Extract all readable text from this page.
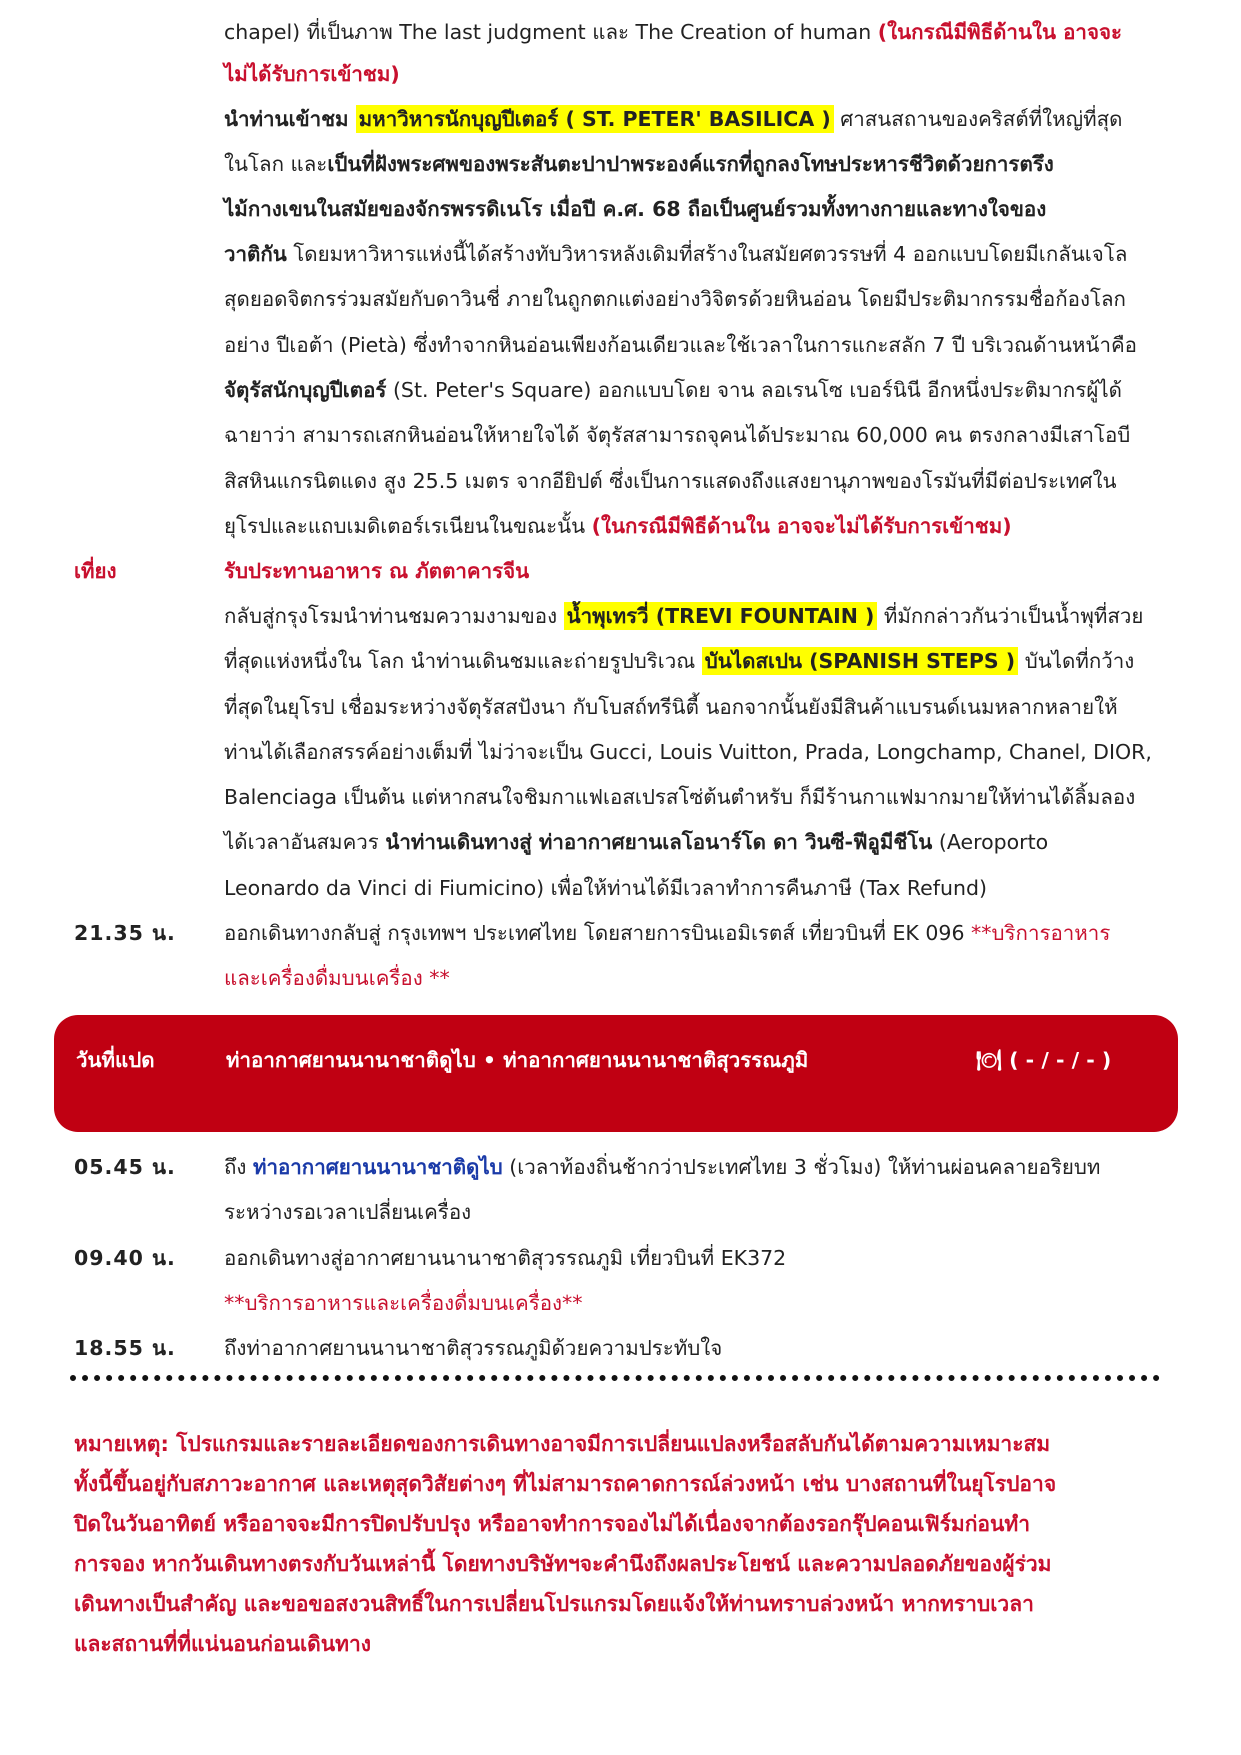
chapel) ที่เป็นภาพ The last judgment และ The Creation of human (ในกรณีมีพิธีด้านใน อาจจะ
ไม่ได้รับการเข้าชม)
นำท่านเข้าชม มหาวิหารนักบุญปีเตอร์ ( ST. PETER' BASILICA ) ศาสนสถานของคริสต์ที่ใหญ่ที่สุด
ในโลก และเป็นที่ฝังพระศพของพระสันตะปาปาพระองค์แรกที่ถูกลงโทษประหารชีวิตด้วยการตรึง
ไม้กางเขนในสมัยของจักรพรรดิเนโร เมื่อปี ค.ศ. 68 ถือเป็นศูนย์รวมทั้งทางกายและทางใจของ
วาติกัน โดยมหาวิหารแห่งนี้ได้สร้างทับวิหารหลังเดิมที่สร้างในสมัยศตวรรษที่ 4 ออกแบบโดยมีเกลันเจโล
สุดยอดจิตกรร่วมสมัยกับดาวินชี่ ภายในถูกตกแต่งอย่างวิจิตรด้วยหินอ่อน โดยมีประติมากรรมชื่อก้องโลก
อย่าง ปีเอต้า (Pietà) ซึ่งทำจากหินอ่อนเพียงก้อนเดียวและใช้เวลาในการแกะสลัก 7 ปี บริเวณด้านหน้าคือ
จัตุรัสนักบุญปีเตอร์ (St. Peter's Square) ออกแบบโดย จาน ลอเรนโซ เบอร์นินี อีกหนึ่งประติมากรผู้ได้
ฉายาว่า สามารถเสกหินอ่อนให้หายใจได้ จัตุรัสสามารถจุคนได้ประมาณ 60,000 คน ตรงกลางมีเสาโอบี
สิสหินแกรนิตแดง สูง 25.5 เมตร จากอียิปต์ ซึ่งเป็นการแสดงถึงแสงยานุภาพของโรมันที่มีต่อประเทศใน
ยุโรปและแถบเมดิเตอร์เรเนียนในขณะนั้น (ในกรณีมีพิธีด้านใน อาจจะไม่ได้รับการเข้าชม)
เที่ยง	รับประทานอาหาร ณ ภัตตาคารจีน
กลับสู่กรุงโรมนำท่านชมความงามของ น้ำพุเทรวี่ (TREVI FOUNTAIN ) ที่มักกล่าวกันว่าเป็นน้ำพุที่สวย
ที่สุดแห่งหนึ่งใน โลก นำท่านเดินชมและถ่ายรูปบริเวณ บันไดสเปน (SPANISH STEPS ) บันไดที่กว้าง
ที่สุดในยุโรป เชื่อมระหว่างจัตุรัสสปังนา กับโบสถ์ทรีนิตี้ นอกจากนั้นยังมีสินค้าแบรนด์เนมหลากหลายให้
ท่านได้เลือกสรรค์อย่างเต็มที่ ไม่ว่าจะเป็น Gucci, Louis Vuitton, Prada, Longchamp, Chanel, DIOR,
Balenciaga เป็นต้น แต่หากสนใจชิมกาแฟเอสเปรสโซ่ต้นตำหรับ ก็มีร้านกาแฟมากมายให้ท่านได้ลิ้มลอง
ได้เวลาอันสมควร นำท่านเดินทางสู่ ท่าอากาศยานเลโอนาร์โด ดา วินซี-ฟีอูมีชีโน (Aeroporto
Leonardo da Vinci di Fiumicino) เพื่อให้ท่านได้มีเวลาทำการคืนภาษี (Tax Refund)
21.35 น. ออกเดินทางกลับสู่ กรุงเทพฯ ประเทศไทย โดยสายการบินเอมิเรตส์ เที่ยวบินที่ EK 096 **บริการอาหาร
และเครื่องดื่มบนเครื่อง **
วันที่แปด	ท่าอากาศยานนานาชาติดูไบ • ท่าอากาศยานนานาชาติสุวรรณภูมิ	🍽 ( - / - / - )
05.45 น. ถึง ท่าอากาศยานนานาชาติดูไบ (เวลาท้องถิ่นช้ากว่าประเทศไทย 3 ชั่วโมง) ให้ท่านผ่อนคลายอริยบท
ระหว่างรอเวลาเปลี่ยนเครื่อง
09.40 น. ออกเดินทางสู่อากาศยานนานาชาติสุวรรณภูมิ เที่ยวบินที่ EK372
**บริการอาหารและเครื่องดื่มบนเครื่อง**
18.55 น. ถึงท่าอากาศยานนานาชาติสุวรรณภูมิด้วยความประทับใจ
หมายเหตุ: โปรแกรมและรายละเอียดของการเดินทางอาจมีการเปลี่ยนแปลงหรือสลับกันได้ตามความเหมาะสม
ทั้งนี้ขึ้นอยู่กับสภาวะอากาศ และเหตุสุดวิสัยต่างๆ ที่ไม่สามารถคาดการณ์ล่วงหน้า เช่น บางสถานที่ในยุโรปอาจ
ปิดในวันอาทิตย์ หรืออาจจะมีการปิดปรับปรุง หรืออาจทำการจองไม่ได้เนื่องจากต้องรอกรุ๊ปคอนเฟิร์มก่อนทำ
การจอง หากวันเดินทางตรงกับวันเหล่านี้ โดยทางบริษัทฯจะคำนึงถึงผลประโยชน์ และความปลอดภัยของผู้ร่วม
เดินทางเป็นสำคัญ และขอขอสงวนสิทธิ์ในการเปลี่ยนโปรแกรมโดยแจ้งให้ท่านทราบล่วงหน้า หากทราบเวลา
และสถานที่ที่แน่นอนก่อนเดินทาง
